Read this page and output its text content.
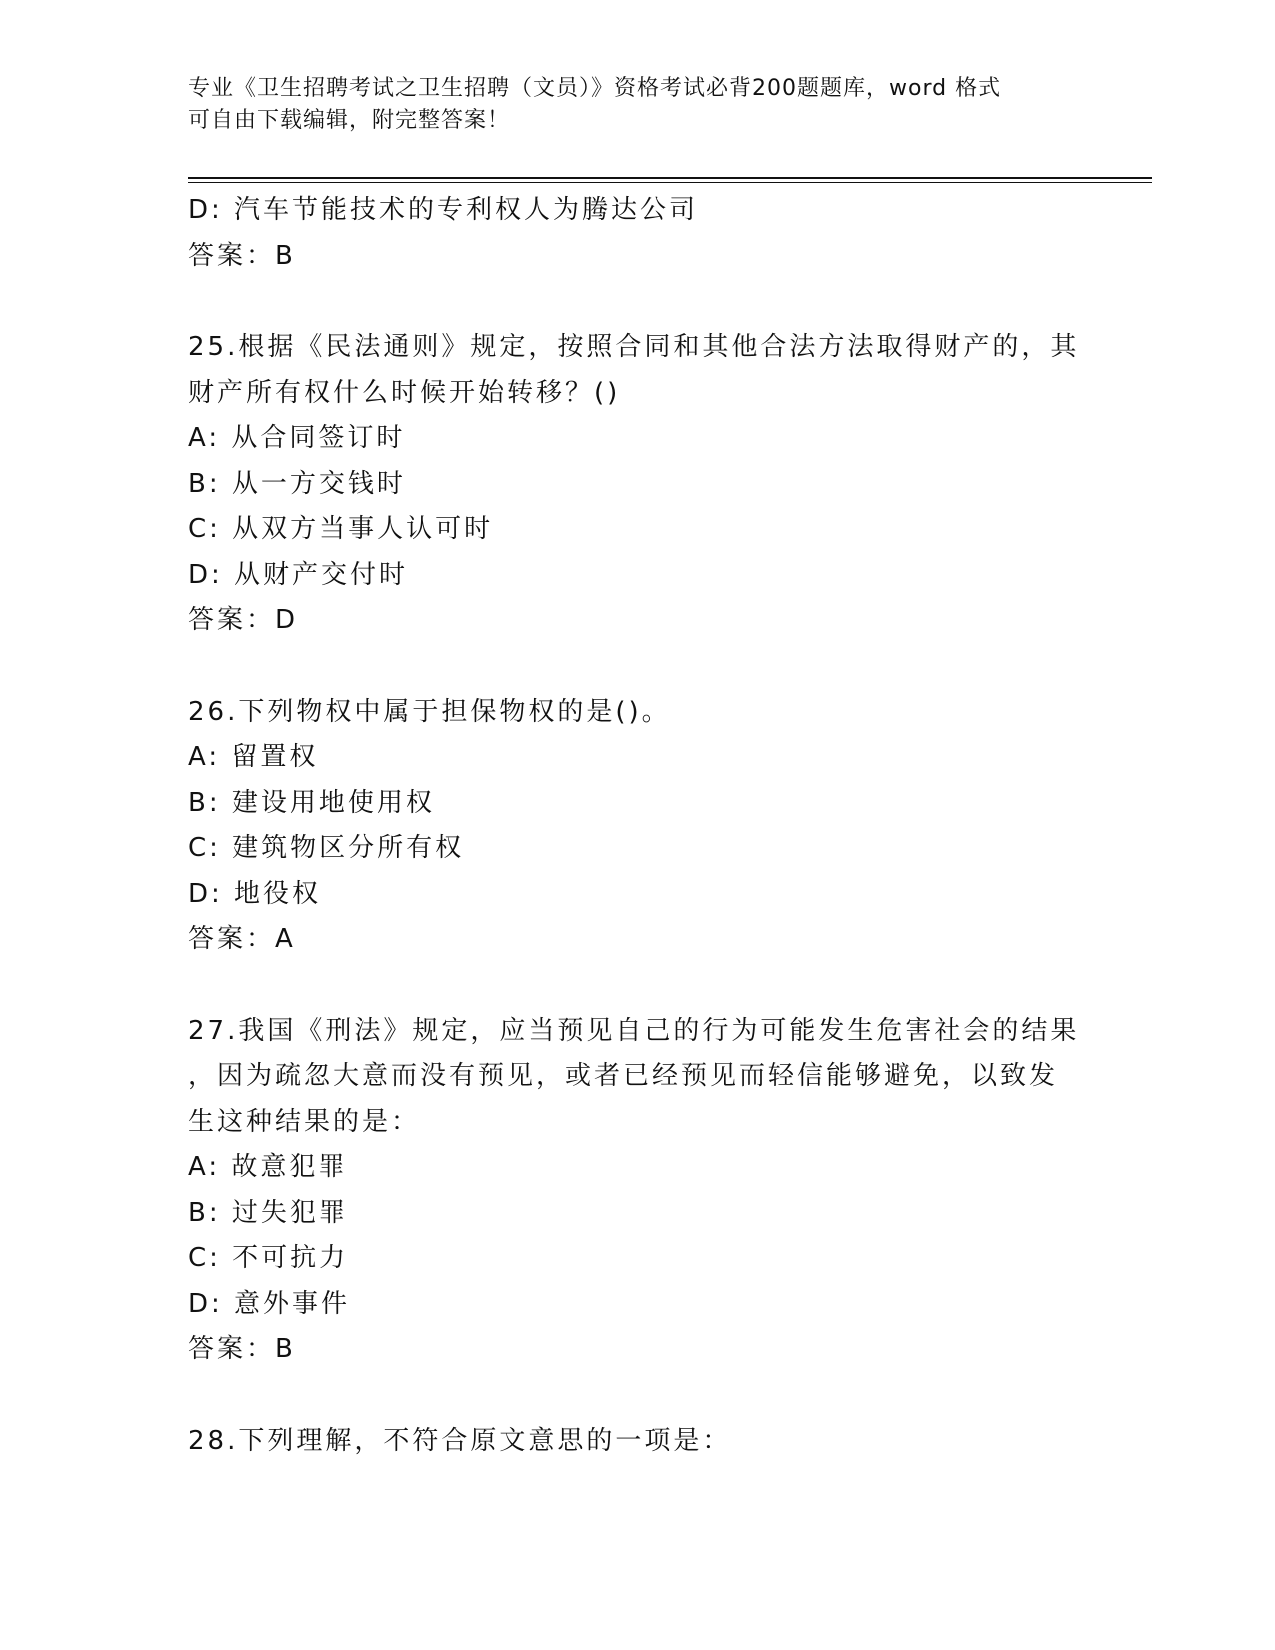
专业《卫生招聘考试之卫生招聘（文员）》资格考试必背200题题库，word 格式
可自由下载编辑，附完整答案！
D: 汽车节能技术的专利权人为腾达公司
答案：B
25.根据《民法通则》规定，按照合同和其他合法方法取得财产的，其
财产所有权什么时候开始转移？()
A: 从合同签订时
B: 从一方交钱时
C: 从双方当事人认可时
D: 从财产交付时
答案：D
26.下列物权中属于担保物权的是()。
A: 留置权
B: 建设用地使用权
C: 建筑物区分所有权
D: 地役权
答案：A
27.我国《刑法》规定，应当预见自己的行为可能发生危害社会的结果
，因为疏忽大意而没有预见，或者已经预见而轻信能够避免，以致发
生这种结果的是：
A: 故意犯罪
B: 过失犯罪
C: 不可抗力
D: 意外事件
答案：B
28.下列理解，不符合原文意思的一项是：
